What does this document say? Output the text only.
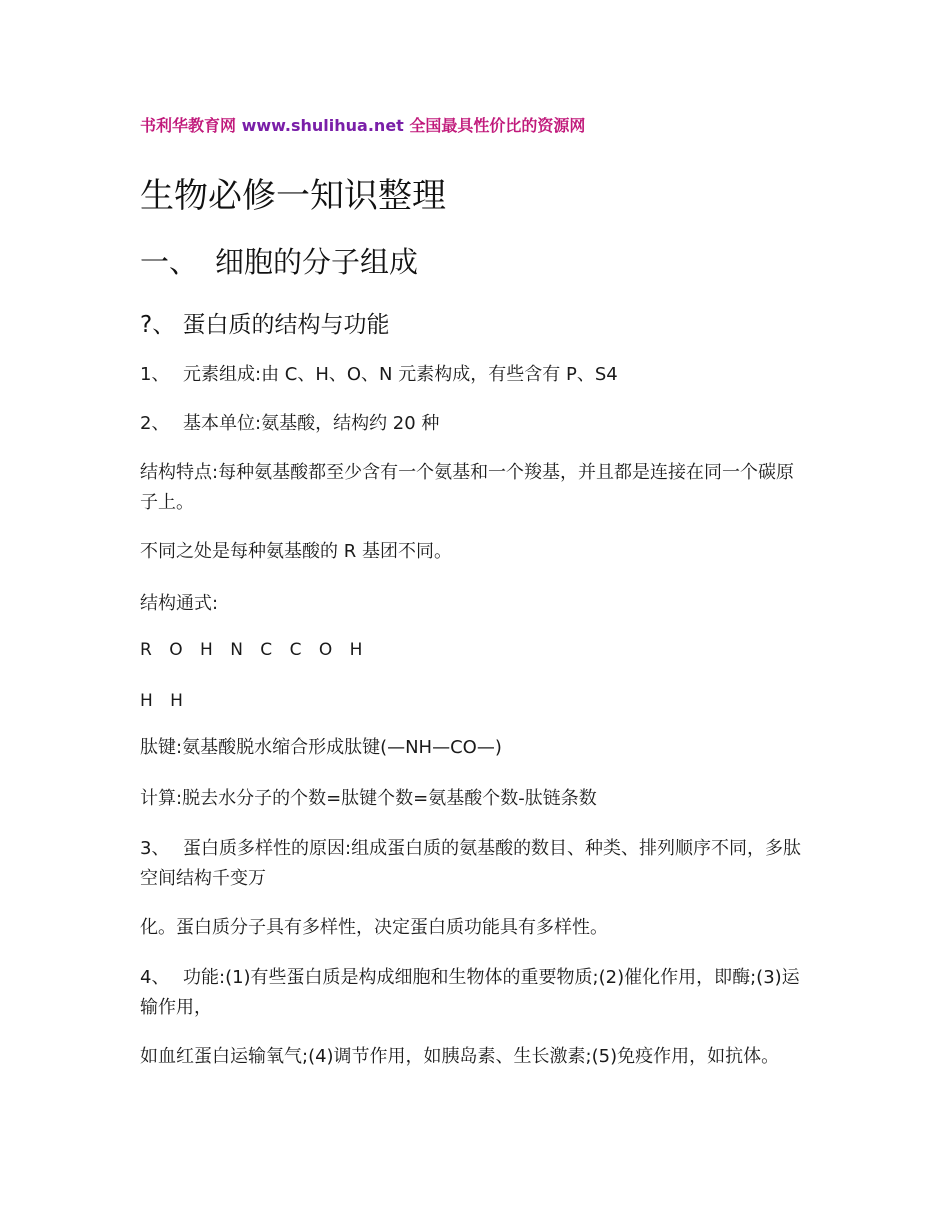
书利华教育网 www.shulihua.net 全国最具性价比的资源网
生物必修一知识整理
一、 细胞的分子组成
?、 蛋白质的结构与功能
1、 元素组成:由 C、H、O、N 元素构成，有些含有 P、S4
2、 基本单位:氨基酸，结构约 20 种
结构特点:每种氨基酸都至少含有一个氨基和一个羧基，并且都是连接在同一个碳原子上。
不同之处是每种氨基酸的 R 基团不同。
结构通式:
R O H N C C O H
H H
肽键:氨基酸脱水缩合形成肽键(—NH—CO—)
计算:脱去水分子的个数=肽键个数=氨基酸个数-肽链条数
3、 蛋白质多样性的原因:组成蛋白质的氨基酸的数目、种类、排列顺序不同，多肽空间结构千变万
化。蛋白质分子具有多样性，决定蛋白质功能具有多样性。
4、 功能:(1)有些蛋白质是构成细胞和生物体的重要物质;(2)催化作用，即酶;(3)运输作用，
如血红蛋白运输氧气;(4)调节作用，如胰岛素、生长激素;(5)免疫作用，如抗体。
